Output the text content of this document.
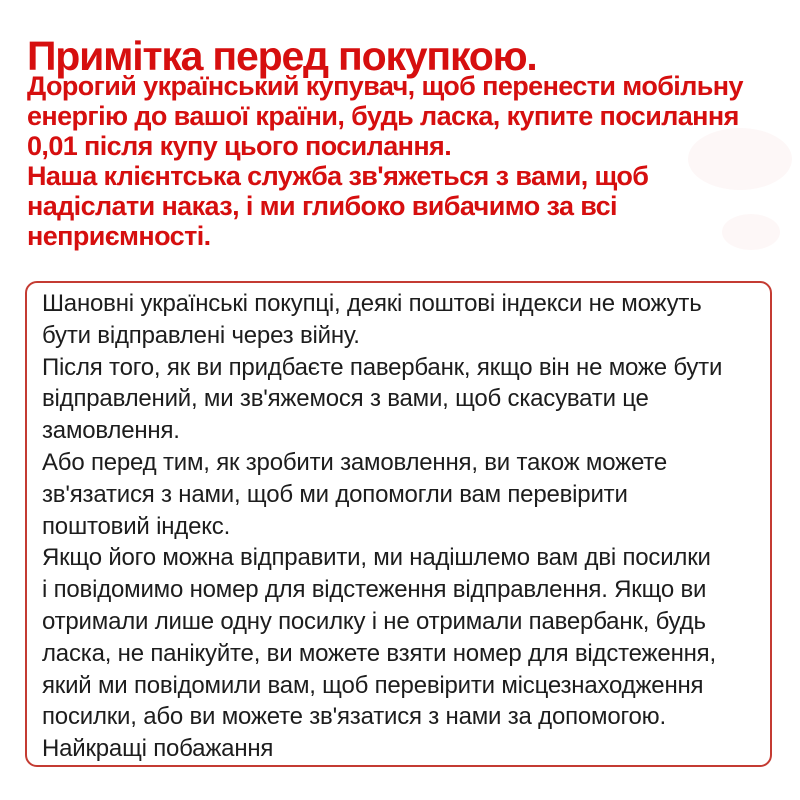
Примітка перед покупкою.
Дорогий український купувач, щоб перенести мобільну
енергію до вашої країни, будь ласка, купите посилання
0,01 після купу цього посилання.
Наша клієнтська служба зв'яжеться з вами, щоб
надіслати наказ, і ми глибоко вибачимо за всі
неприємності.
Шановні українські покупці, деякі поштові індекси не можуть
бути відправлені через війну.
Після того, як ви придбаєте павербанк, якщо він не може бути
відправлений, ми зв'яжемося з вами, щоб скасувати це
замовлення.
Або перед тим, як зробити замовлення, ви також можете
зв'язатися з нами, щоб ми допомогли вам перевірити
поштовий індекс.
Якщо його можна відправити, ми надішлемо вам дві посилки
і повідомимо номер для відстеження відправлення. Якщо ви
отримали лише одну посилку і не отримали павербанк, будь
ласка, не панікуйте, ви можете взяти номер для відстеження,
який ми повідомили вам, щоб перевірити місцезнаходження
посилки, або ви можете зв'язатися з нами за допомогою.
Найкращі побажання
